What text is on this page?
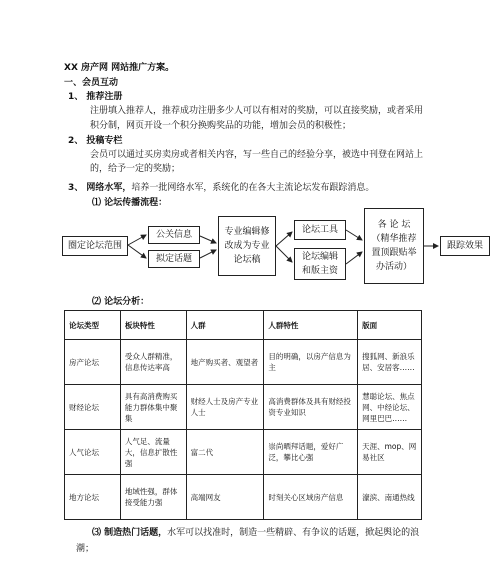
XX 房产网 网站推广方案。
一、会员互动
1、 推荐注册
注册填入推荐人，推荐成功注册多少人可以有相对的奖励，可以直接奖励，或者采用
积分制，网页开设一个积分换购奖品的功能，增加会员的积极性；
2、 投稿专栏
会员可以通过买房卖房或者相关内容，写一些自己的经验分享，被选中刊登在网站上
的，给予一定的奖励；
3、 网络水军，培养一批网络水军，系统化的在各大主流论坛发布跟踪消息。
⑴ 论坛传播流程：
圈定论坛范围
公关信息
拟定话题
专业编辑修改成为专业论坛稿
论坛工具
论坛编辑和版主资
各 论 坛（精华推荐置顶跟贴举办活动）
跟踪效果
⑵ 论坛分析：
论坛类型	板块特性	人群	人群特性	版面
房产论坛	受众人群精准，信息传达率高	地产购买者、观望者	目的明确，以房产信息为主	搜狐网、新浪乐居、安居客……
财经论坛	具有高消费购买能力群体集中聚集	财经人士及房产专业人士	高消费群体及具有财经投资专业知识	慧聪论坛、焦点网、中经论坛、网里巴巴……
人气论坛	人气足、流量大，信息扩散性强	富二代	崇尚晒拜话题，爱好广泛，攀比心强	天涯、mop、网易社区
地方论坛	地域性强，群体接受能力强	高端网友	时刻关心区域房产信息	濠滨、南通热线
⑶ 制造热门话题，水军可以找准时，制造一些精辟、有争议的话题，掀起舆论的浪
潮；
